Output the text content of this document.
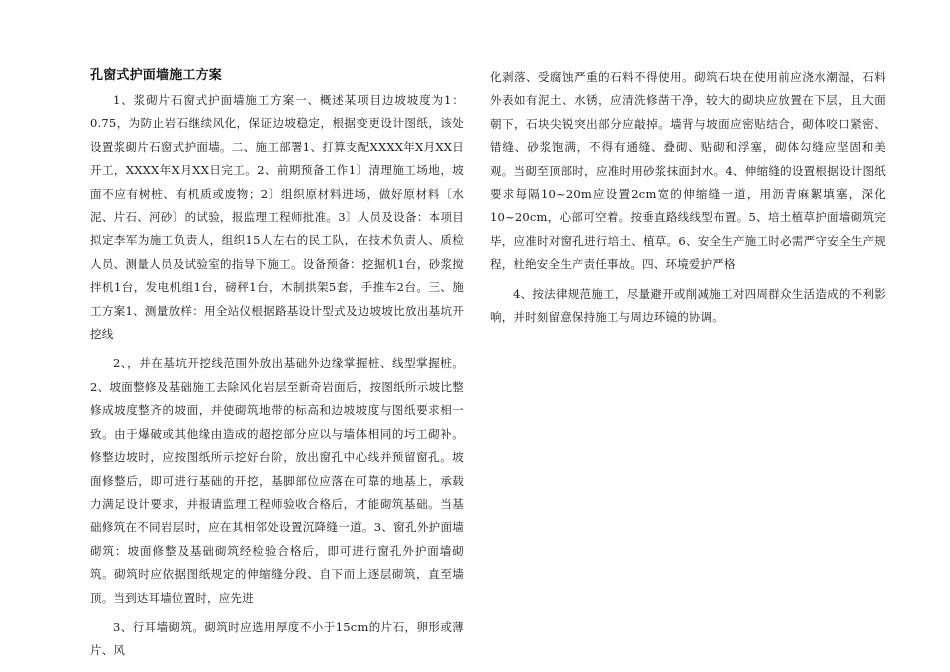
孔窗式护面墙施工方案

1、浆砌片石窗式护面墙施工方案一、概述某项目边坡坡度为1：0.75，为防止岩石继续风化，保证边坡稳定，根据变更设计图纸，该处设置浆砌片石窗式护面墙。二、施工部署1、打算支配XXXX年X月XX日开工，XXXX年X月XX日完工。2、前期预备工作1〕清理施工场地，坡面不应有树桩、有机质或废物；2〕组织原材料进场，做好原材料〔水泥、片石、河砂〕的试验，报监理工程师批准。3〕人员及设备：本项目拟定李军为施工负责人，组织15人左右的民工队，在技术负责人、质检人员、测量人员及试验室的指导下施工。设备预备：挖掘机1台，砂浆搅拌机1台，发电机组1台，磅秤1台，木制拱架5套，手推车2台。三、施工方案1、测量放样：用全站仪根据路基设计型式及边坡坡比放出基坑开挖线

2、，并在基坑开挖线范围外放出基础外边缘掌握桩、线型掌握桩。2、坡面整修及基础施工去除风化岩层至新奇岩面后，按图纸所示坡比整修成坡度整齐的坡面，并使砌筑地带的标高和边坡坡度与图纸要求相一致。由于爆破或其他缘由造成的超挖部分应以与墙体相同的圬工砌补。修整边坡时，应按图纸所示挖好台阶，放出窗孔中心线并预留窗孔。坡面修整后，即可进行基础的开挖，基脚部位应落在可靠的地基上，承载力满足设计要求，并报请监理工程师验收合格后，才能砌筑基础。当基础修筑在不同岩层时，应在其相邻处设置沉降缝一道。3、窗孔外护面墙砌筑：坡面修整及基础砌筑经检验合格后，即可进行窗孔外护面墙砌筑。砌筑时应依据图纸规定的伸缩缝分段、自下而上逐层砌筑，直至墙顶。当到达耳墙位置时，应先进

3、行耳墙砌筑。砌筑时应选用厚度不小于15cm的片石，卵形或薄片、风

化剥落、受腐蚀严重的石料不得使用。砌筑石块在使用前应浇水潮湿，石料外表如有泥土、水锈，应清洗修凿干净，较大的砌块应放置在下层，且大面朝下，石块尖锐突出部分应敲掉。墙背与坡面应密贴结合，砌体咬口紧密、错缝、砂浆饱满，不得有通缝、叠砌、贴砌和浮塞，砌体勾缝应坚固和美观。当砌至顶部时，应准时用砂浆抹面封水。4、伸缩缝的设置根据设计图纸要求每隔10~20m应设置2cm宽的伸缩缝一道，用沥青麻絮填塞，深化10~20cm，心部可空着。按垂直路线线型布置。5、培土植草护面墙砌筑完毕，应准时对窗孔进行培土、植草。6、安全生产施工时必需严守安全生产规程，杜绝安全生产责任事故。四、环境爱护严格

4、按法律规范施工，尽量避开或削减施工对四周群众生活造成的不利影响，并时刻留意保持施工与周边环镜的协调。
